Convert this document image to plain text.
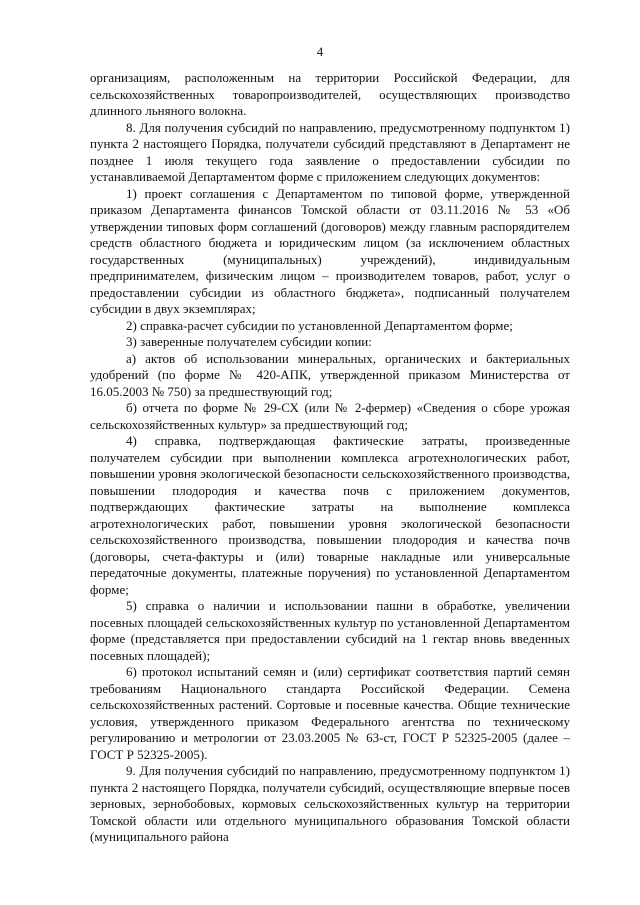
4

организациям, расположенным на территории Российской Федерации, для сельскохозяйственных товаропроизводителей, осуществляющих производство длинного льняного волокна.

8. Для получения субсидий по направлению, предусмотренному подпунктом 1) пункта 2 настоящего Порядка, получатели субсидий представляют в Департамент не позднее 1 июля текущего года заявление о предоставлении субсидии по устанавливаемой Департаментом форме с приложением следующих документов:

1) проект соглашения с Департаментом по типовой форме, утвержденной приказом Департамента финансов Томской области от 03.11.2016 № 53 «Об утверждении типовых форм соглашений (договоров) между главным распорядителем средств областного бюджета и юридическим лицом (за исключением областных государственных (муниципальных) учреждений), индивидуальным предпринимателем, физическим лицом – производителем товаров, работ, услуг о предоставлении субсидии из областного бюджета», подписанный получателем субсидии в двух экземплярах;

2) справка-расчет субсидии по установленной Департаментом форме;

3) заверенные получателем субсидии копии:

а) актов об использовании минеральных, органических и бактериальных удобрений (по форме № 420-АПК, утвержденной приказом Министерства от 16.05.2003 № 750) за предшествующий год;

б) отчета по форме № 29-СХ (или № 2-фермер) «Сведения о сборе урожая сельскохозяйственных культур» за предшествующий год;

4) справка, подтверждающая фактические затраты, произведенные получателем субсидии при выполнении комплекса агротехнологических работ, повышении уровня экологической безопасности сельскохозяйственного производства, повышении плодородия и качества почв с приложением документов, подтверждающих фактические затраты на выполнение комплекса агротехнологических работ, повышении уровня экологической безопасности сельскохозяйственного производства, повышении плодородия и качества почв (договоры, счета-фактуры и (или) товарные накладные или универсальные передаточные документы, платежные поручения) по установленной Департаментом форме;

5) справка о наличии и использовании пашни в обработке, увеличении посевных площадей сельскохозяйственных культур по установленной Департаментом форме (представляется при предоставлении субсидий на 1 гектар вновь введенных посевных площадей);

6) протокол испытаний семян и (или) сертификат соответствия партий семян требованиям Национального стандарта Российской Федерации. Семена сельскохозяйственных растений. Сортовые и посевные качества. Общие технические условия, утвержденного приказом Федерального агентства по техническому регулированию и метрологии от 23.03.2005 № 63-ст, ГОСТ Р 52325-2005 (далее – ГОСТ Р 52325-2005).

9. Для получения субсидий по направлению, предусмотренному подпунктом 1) пункта 2 настоящего Порядка, получатели субсидий, осуществляющие впервые посев зерновых, зернобобовых, кормовых сельскохозяйственных культур на территории Томской области или отдельного муниципального образования Томской области (муниципального района
